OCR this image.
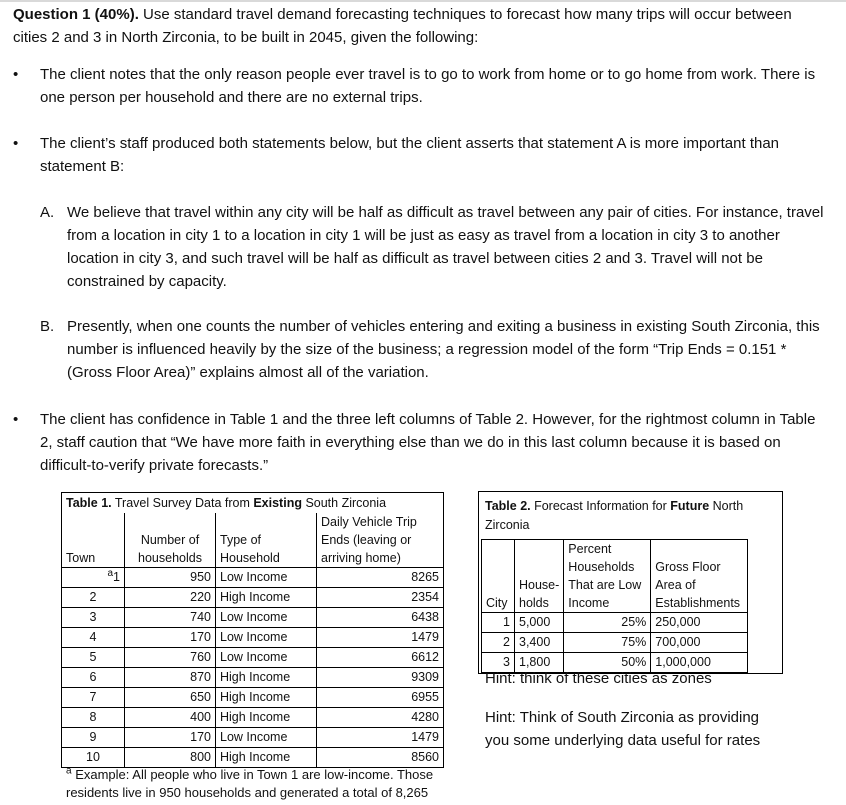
Question 1 (40%). Use standard travel demand forecasting techniques to forecast how many trips will occur between cities 2 and 3 in North Zirconia, to be built in 2045, given the following:
• The client notes that the only reason people ever travel is to go to work from home or to go home from work. There is one person per household and there are no external trips.
• The client’s staff produced both statements below, but the client asserts that statement A is more important than statement B:
A. We believe that travel within any city will be half as difficult as travel between any pair of cities. For instance, travel from a location in city 1 to a location in city 1 will be just as easy as travel from a location in city 3 to another location in city 3, and such travel will be half as difficult as travel between cities 2 and 3. Travel will not be constrained by capacity.
B. Presently, when one counts the number of vehicles entering and exiting a business in existing South Zirconia, this number is influenced heavily by the size of the business; a regression model of the form “Trip Ends = 0.151 * (Gross Floor Area)” explains almost all of the variation.
• The client has confidence in Table 1 and the three left columns of Table 2. However, for the rightmost column in Table 2, staff caution that “We have more faith in everything else than we do in this last column because it is based on difficult-to-verify private forecasts.”
Table 1. Travel Survey Data from Existing South Zirconia			
Town	Number of households	Type of Household	Daily Vehicle Trip Ends (leaving or arriving home)
$^a$1	950	Low Income	8265
2	220	High Income	2354
3	740	Low Income	6438
4	170	Low Income	1479
5	760	Low Income	6612
6	870	High Income	9309
7	650	High Income	6955
8	400	High Income	4280
9	170	Low Income	1479
10	800	High Income	8560
$^a$ Example: All people who live in Town 1 are low-income. Those residents live in 950 households and generated a total of 8,265
Table 2. Forecast Information for Future North Zirconia
City	House-holds	Percent Households That are Low Income	Gross Floor Area of Establishments
1	5,000	25%	250,000
2	3,400	75%	700,000
3	1,800	50%	1,000,000
Hint: think of these cities as zones
Hint: Think of South Zirconia as providing you some underlying data useful for rates
